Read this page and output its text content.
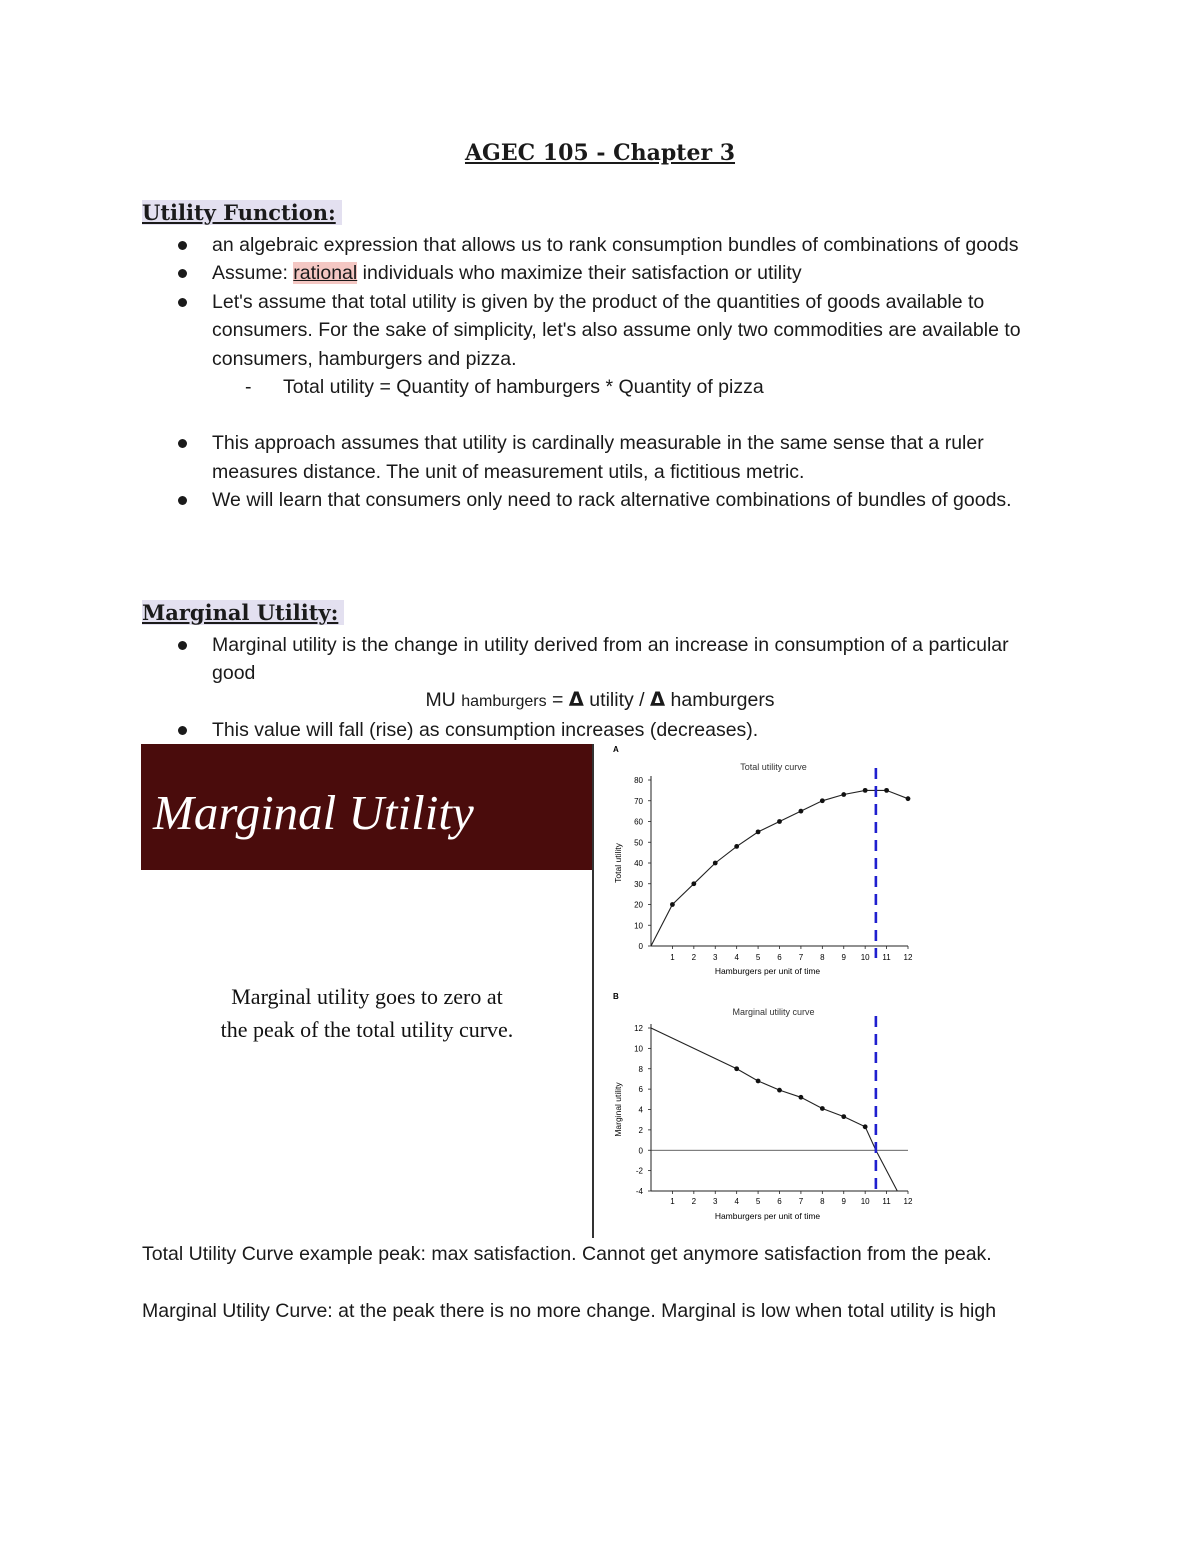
AGEC 105 - Chapter 3
Utility Function:
an algebraic expression that allows us to rank consumption bundles of combinations of goods
Assume: rational individuals who maximize their satisfaction or utility
Let's assume that total utility is given by the product of the quantities of goods available to consumers. For the sake of simplicity, let's also assume only two commodities are available to consumers, hamburgers and pizza.
- Total utility = Quantity of hamburgers * Quantity of pizza
This approach assumes that utility is cardinally measurable in the same sense that a ruler measures distance. The unit of measurement utils, a fictitious metric.
We will learn that consumers only need to rack alternative combinations of bundles of goods.
Marginal Utility:
Marginal utility is the change in utility derived from an increase in consumption of a particular good
MU hamburgers = Δ utility / Δ hamburgers
This value will fall (rise) as consumption increases (decreases).
Marginal Utility
Marginal utility goes to zero at
the peak of the total utility curve.
A
Total utility curve
0
10
20
30
40
50
60
70
80
1 2 3 4 5 6 7 8 9 10 11 12
Hamburgers per unit of time
Total utility
B
Marginal utility curve
-4
-2
0
2
4
6
8
10
12
1 2 3 4 5 6 7 8 9 10 11 12
Hamburgers per unit of time
Marginal utility
Total Utility Curve example peak: max satisfaction. Cannot get anymore satisfaction from the peak.
Marginal Utility Curve: at the peak there is no more change. Marginal is low when total utility is high
